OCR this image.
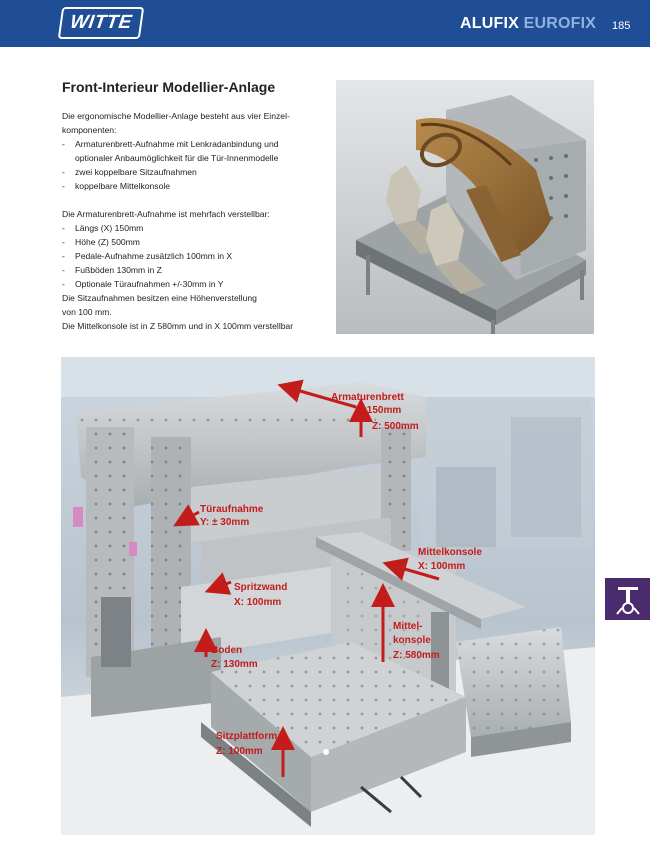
WITTE	ALUFIX EUROFIX 185
Front-Interieur Modellier-Anlage

Die ergonomische Modellier-Anlage besteht aus vier Einzel-

komponenten:

-	Armaturenbrett-Aufnahme mit Lenkradanbindung und
optionaler Anbaumöglichkeit für die Tür-Innenmodelle
-	zwei koppelbare Sitzaufnahmen
-	koppelbare Mittelkonsole

Die Armaturenbrett-Aufnahme ist mehrfach verstellbar:

-	Längs (X) 150mm
-	Höhe (Z) 500mm
-	Pedale-Aufnahme zusätzlich 100mm in X
-	Fußböden 130mm in Z
-	Optionale Türaufnahmen +/-30mm in Y

Die Sitzaufnahmen besitzen eine Höhenverstellung

von 100 mm.

Die Mittelkonsole ist in Z 580mm und in X 100mm verstellbar

Armaturenbrett
X: 150mm
Z: 500mm
Türaufnahme
Y: ± 30mm
Spritzwand
X: 100mm
Boden
Z: 130mm
Mittelkonsole
X: 100mm
Mittel-
konsole
Z: 580mm
Sitzplattform
Z: 100mm
